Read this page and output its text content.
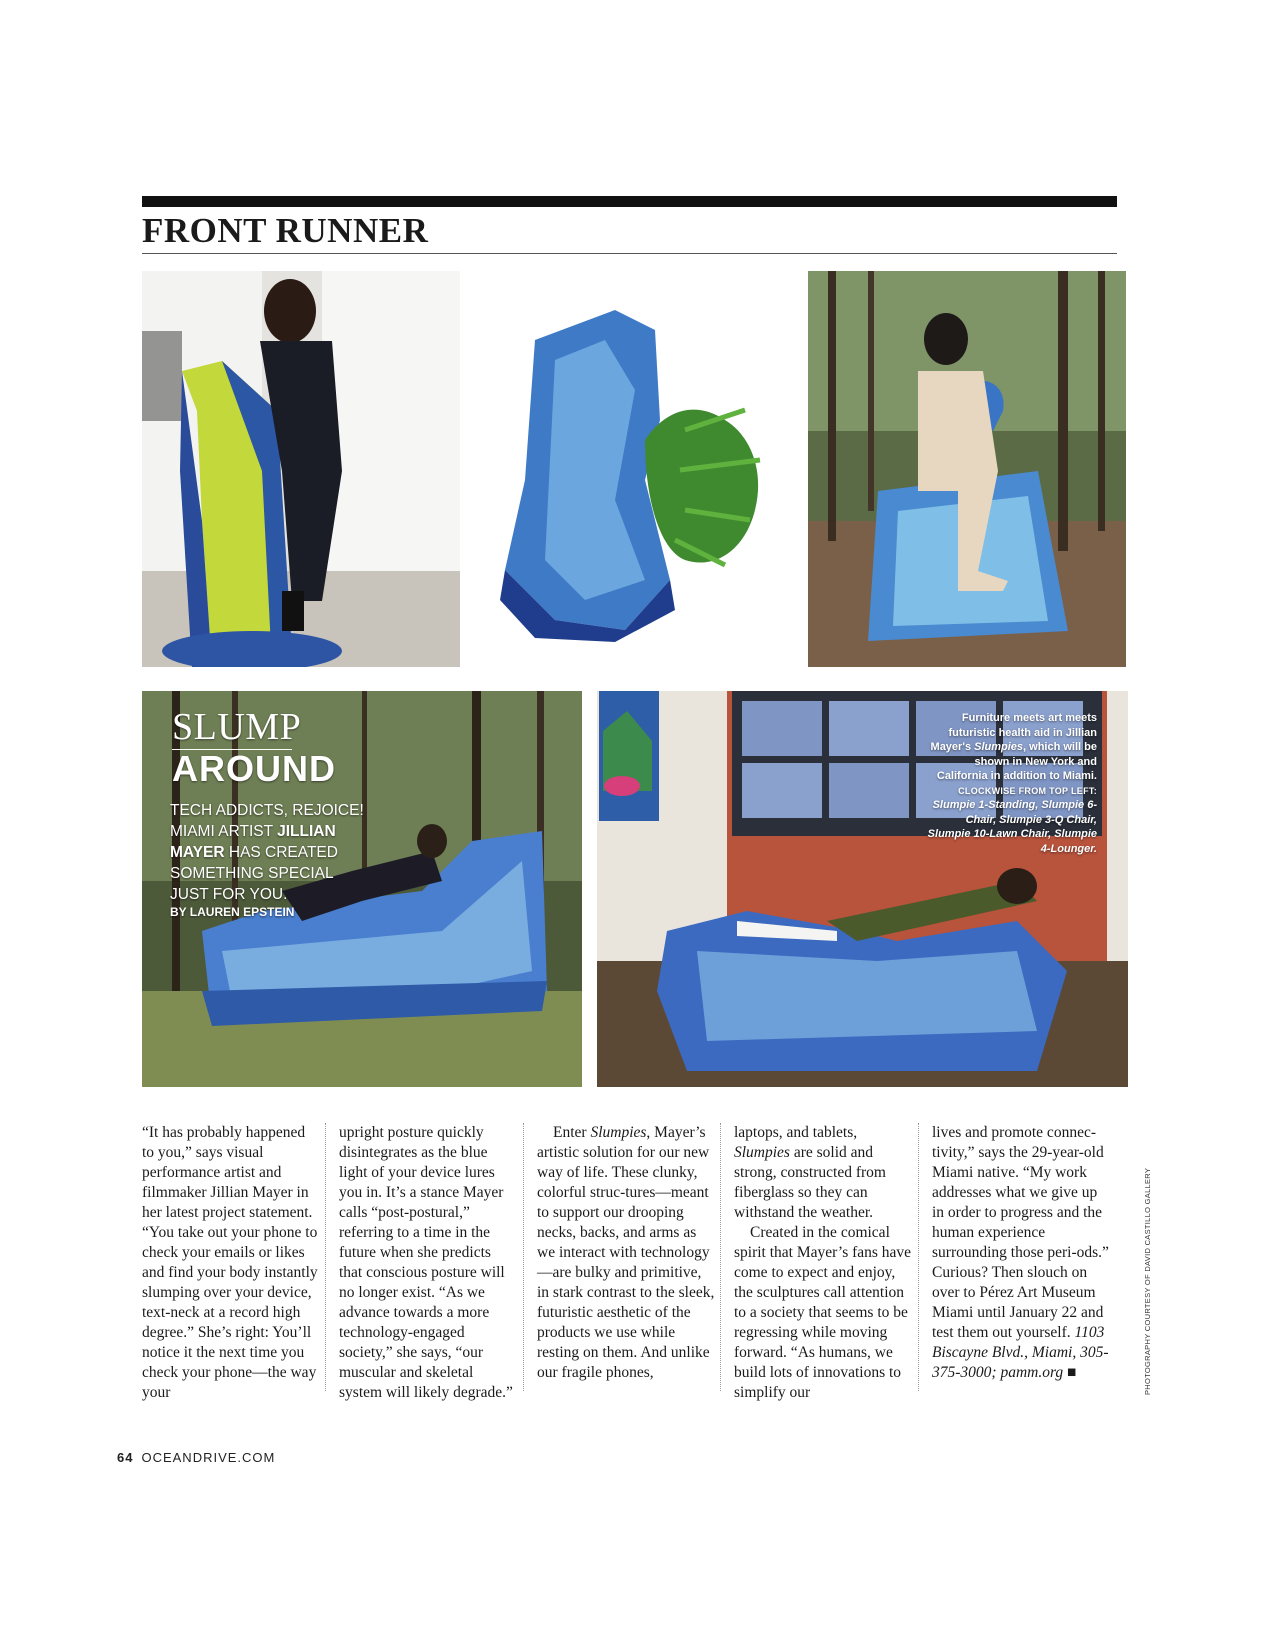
FRONT RUNNER
SLUMP
AROUND
TECH ADDICTS, REJOICE! MIAMI ARTIST JILLIAN MAYER HAS CREATED SOMETHING SPECIAL JUST FOR YOU.
BY LAUREN EPSTEIN
Furniture meets art meets futuristic health aid in Jillian Mayer's Slumpies, which will be shown in New York and California in addition to Miami. CLOCKWISE FROM TOP LEFT: Slumpie 1-Standing, Slumpie 6-Chair, Slumpie 3-Q Chair, Slumpie 10-Lawn Chair, Slumpie 4-Lounger.

“It has probably happened to you,” says visual performance artist and filmmaker Jillian Mayer in her latest project statement. “You take out your phone to check your emails or likes and find your body instantly slumping over your device, text-neck at a record high degree.” She’s right: You’ll notice it the next time you check your phone—the way your

upright posture quickly disintegrates as the blue light of your device lures you in. It’s a stance Mayer calls “post-postural,” referring to a time in the future when she predicts that conscious posture will no longer exist. “As we advance towards a more technology-engaged society,” she says, “our muscular and skeletal system will likely degrade.”

Enter Slumpies, Mayer’s artistic solution for our new way of life. These clunky, colorful struc-tures—meant to support our drooping necks, backs, and arms as we interact with technology—are bulky and primitive, in stark contrast to the sleek, futuristic aesthetic of the products we use while resting on them. And unlike our fragile phones,

laptops, and tablets, Slumpies are solid and strong, constructed from fiberglass so they can withstand the weather.

Created in the comical spirit that Mayer’s fans have come to expect and enjoy, the sculptures call attention to a society that seems to be regressing while moving forward. “As humans, we build lots of innovations to simplify our

lives and promote connec-tivity,” says the 29-year-old Miami native. “My work addresses what we give up in order to progress and the human experience surrounding those peri-ods.” Curious? Then slouch on over to Pérez Art Museum Miami until January 22 and test them out yourself. 1103 Biscayne Blvd., Miami, 305-375-3000; pamm.org ■	PHOTOGRAPHY COURTESY OF DAVID CASTILLO GALLERY
64 OCEANDRIVE.COM
